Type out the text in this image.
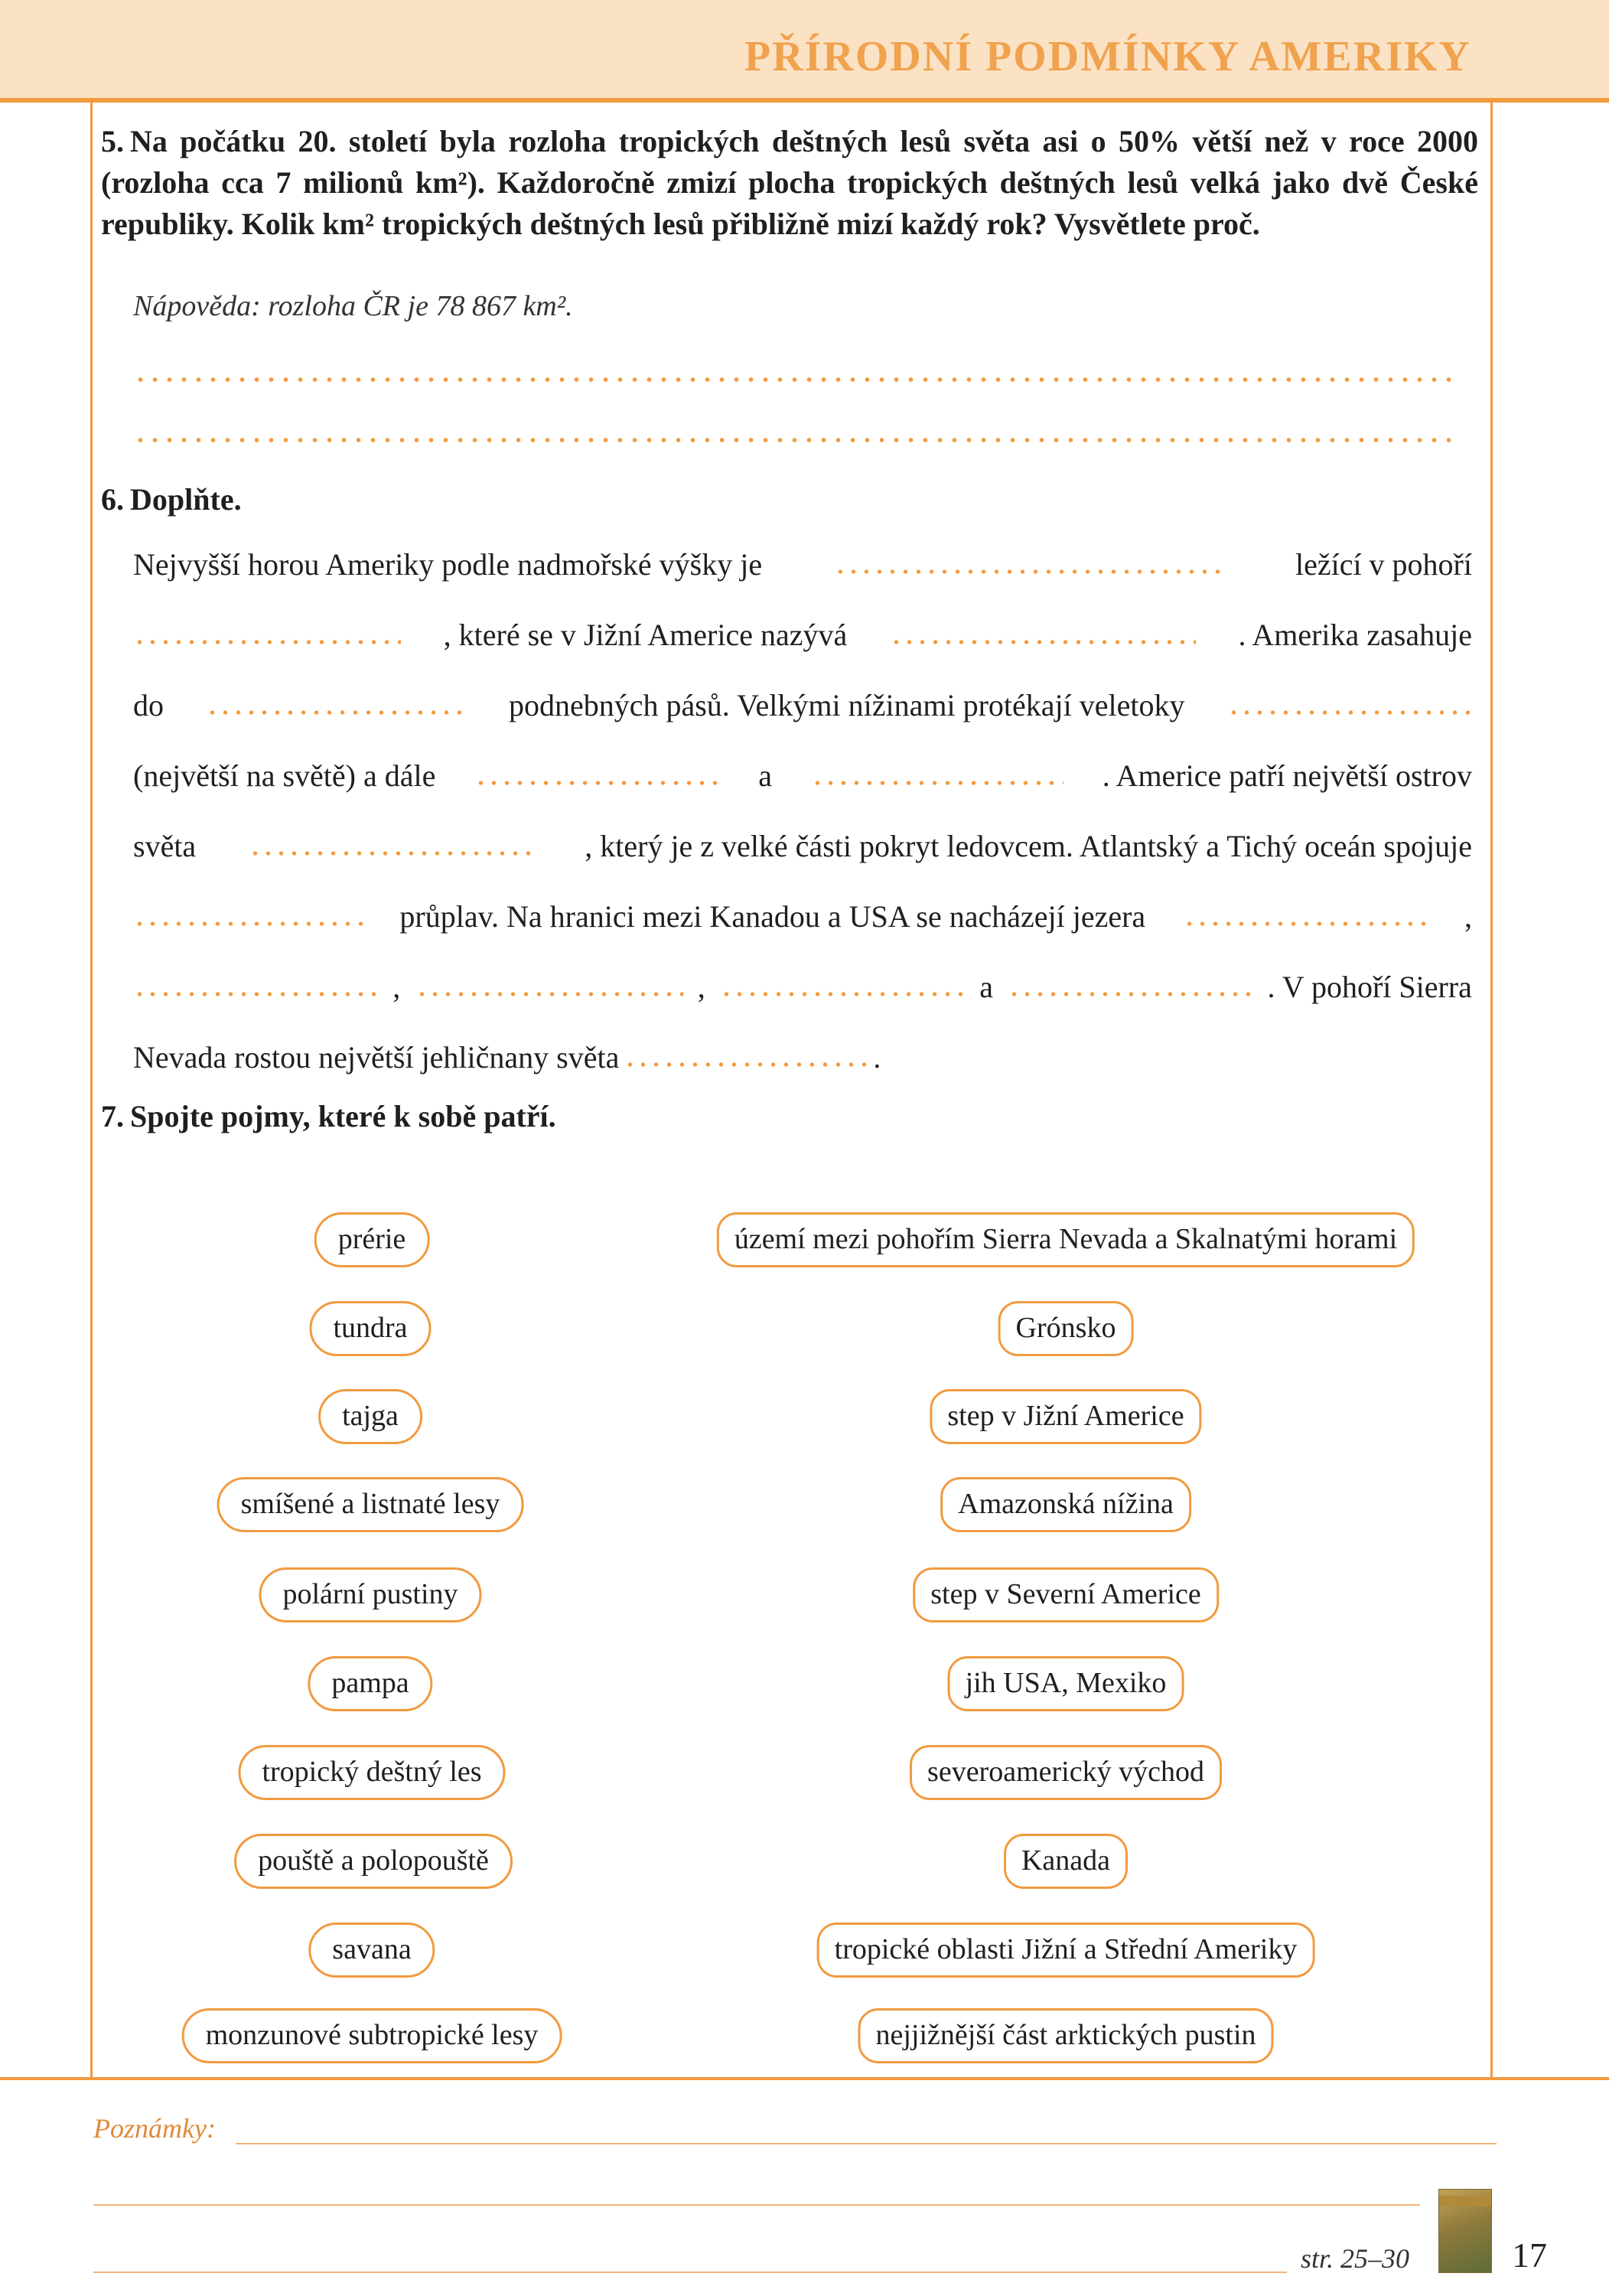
PŘÍRODNÍ PODMÍNKY AMERIKY
5. Na počátku 20. století byla rozloha tropických deštných lesů světa asi o 50% větší než v roce 2000 (rozloha cca 7 milionů km²). Každoročně zmizí plocha tropických deštných lesů velká jako dvě České republiky. Kolik km² tropických deštných lesů přibližně mizí každý rok? Vysvětlete proč.
Nápověda: rozloha ČR je 78 867 km².
6. Doplňte.
Nejvyšší horou Ameriky podle nadmořské výšky je	ležící v pohoří
, které se v Jižní Americe nazývá	. Amerika zasahuje
do	podnebných pásů. Velkými nížinami protékají veletoky
(největší na světě) a dále	a	. Americe patří největší ostrov
světa	, který je z velké části pokryt ledovcem. Atlantský a Tichý oceán spojuje
průplav. Na hranici mezi Kanadou a USA se nacházejí jezera	,
,	,	a	. V pohoří Sierra
Nevada rostou největší jehličnany světa	.
7. Spojte pojmy, které k sobě patří.
prérie
tundra
tajga
smíšené a listnaté lesy
polární pustiny
pampa
tropický deštný les
pouště a polopouště
savana
monzunové subtropické lesy
území mezi pohořím Sierra Nevada a Skalnatými horami
Grónsko
step v Jižní Americe
Amazonská nížina
step v Severní Americe
jih USA, Mexiko
severoamerický východ
Kanada
tropické oblasti Jižní a Střední Ameriky
nejjižnější část arktických pustin
Poznámky:
str. 25–30	17
